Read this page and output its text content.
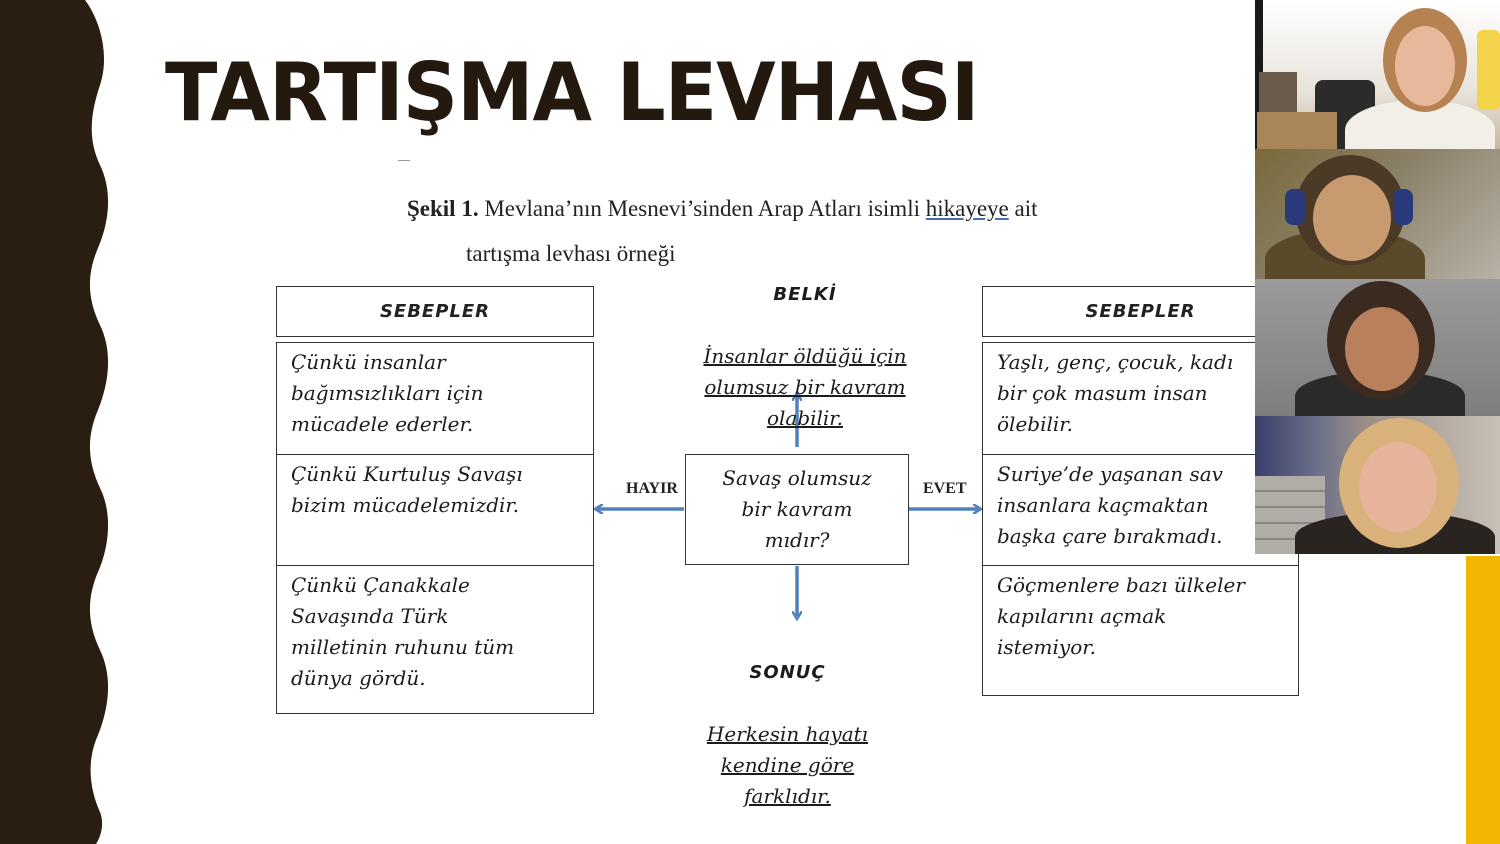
TARTIŞMA LEVHASI
Şekil 1. Mevlana’nın Mesnevi’sinden Arap Atları isimli hikayeye ait
tartışma levhası örneği
HAYIR	EVET
Savaş olumsuz
bir kavram
mıdır?

BELKİ

İnsanlar öldüğü için
olumsuz bir kavram
olabilir.

SONUÇ

Herkesin hayatı
kendine göre
farklıdır.

SEBEPLER
Çünkü insanlar
bağımsızlıkları için
mücadele ederler.
Çünkü Kurtuluş Savaşı
bizim mücadelemizdir.
Çünkü Çanakkale
Savaşında Türk
milletinin ruhunu tüm
dünya gördü.
SEBEPLER
Yaşlı, genç, çocuk, kadı
bir çok masum insan
ölebilir.
Suriye’de yaşanan sav
insanlara kaçmaktan
başka çare bırakmadı.
Göçmenlere bazı ülkeler
kapılarını açmak
istemiyor.
